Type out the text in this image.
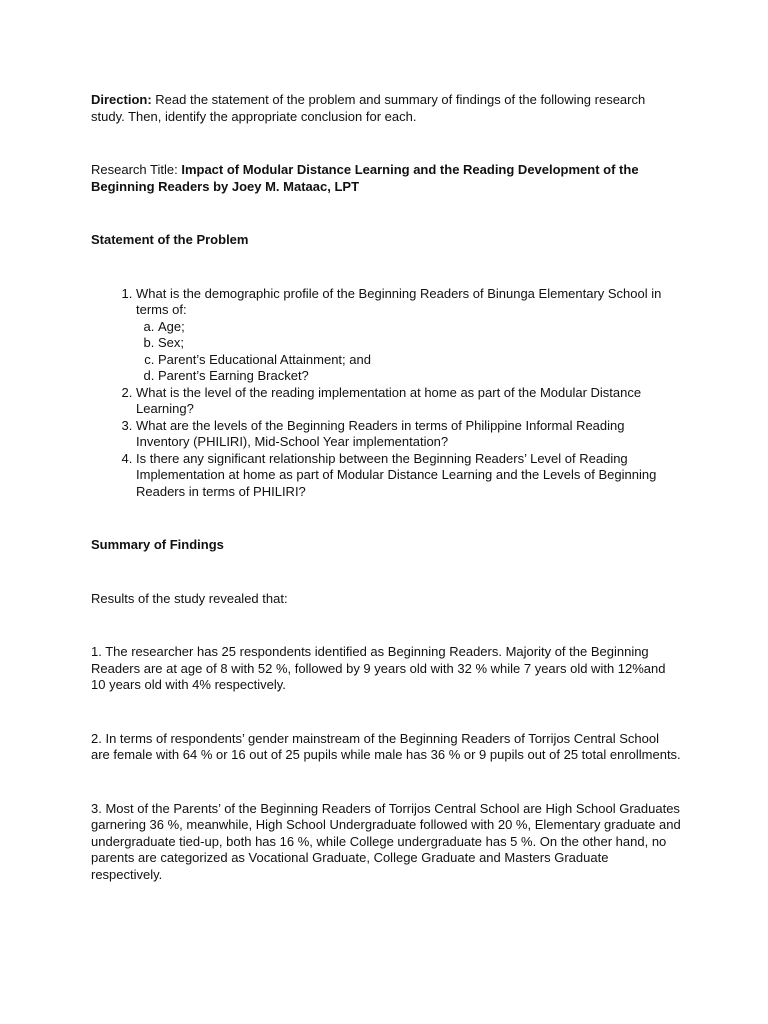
Direction: Read the statement of the problem and summary of findings of the following research study. Then, identify the appropriate conclusion for each.

Research Title: Impact of Modular Distance Learning and the Reading Development of the Beginning Readers by Joey M. Mataac, LPT

Statement of the Problem

1. What is the demographic profile of the Beginning Readers of Binunga Elementary School in terms of:
a. Age;
b. Sex;
c. Parent’s Educational Attainment; and
d. Parent’s Earning Bracket?
2. What is the level of the reading implementation at home as part of the Modular Distance Learning?
3. What are the levels of the Beginning Readers in terms of Philippine Informal Reading Inventory (PHILIRI), Mid-School Year implementation?
4. Is there any significant relationship between the Beginning Readers’ Level of Reading Implementation at home as part of Modular Distance Learning and the Levels of Beginning Readers in terms of PHILIRI?

Summary of Findings

Results of the study revealed that:

1. The researcher has 25 respondents identified as Beginning Readers. Majority of the Beginning Readers are at age of 8 with 52 %, followed by 9 years old with 32 % while 7 years old with 12%and 10 years old with 4% respectively.

2. In terms of respondents’ gender mainstream of the Beginning Readers of Torrijos Central School are female with 64 % or 16 out of 25 pupils while male has 36 % or 9 pupils out of 25 total enrollments.

3. Most of the Parents’ of the Beginning Readers of Torrijos Central School are High School Graduates garnering 36 %, meanwhile, High School Undergraduate followed with 20 %, Elementary graduate and undergraduate tied-up, both has 16 %, while College undergraduate has 5 %. On the other hand, no parents are categorized as Vocational Graduate, College Graduate and Masters Graduate respectively.
